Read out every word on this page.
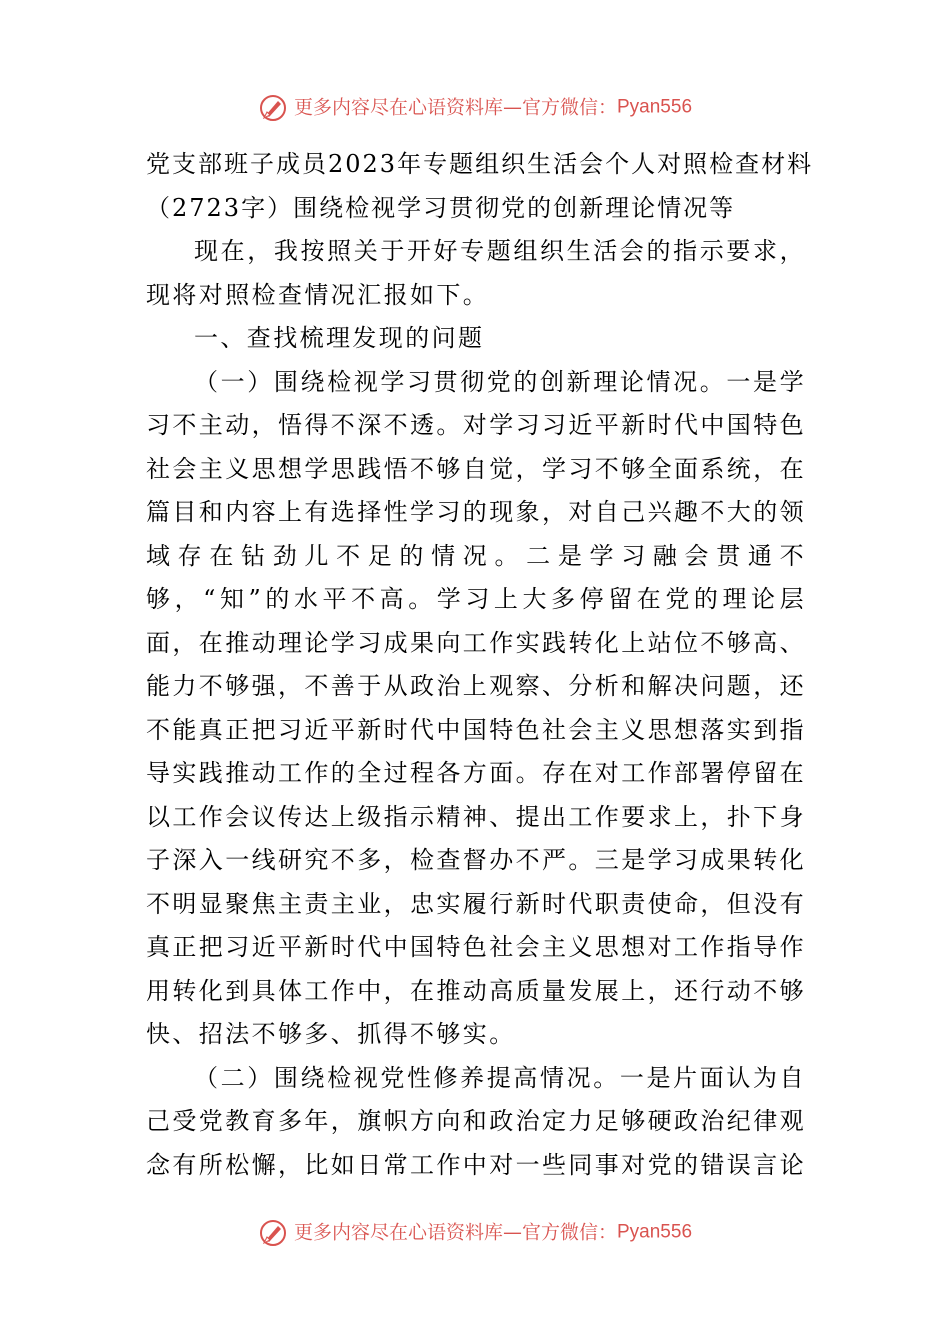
更多内容尽在心语资料库—官方微信：Pyan556
党支部班子成员2023年专题组织生活会个人对照检查材料
（2723字）围绕检视学习贯彻党的创新理论情况等

现在，我按照关于开好专题组织生活会的指示要求，现将对照检查情况汇报如下。

一、查找梳理发现的问题

（一）围绕检视学习贯彻党的创新理论情况。一是学习不主动，悟得不深不透。对学习习近平新时代中国特色社会主义思想学思践悟不够自觉，学习不够全面系统，在篇目和内容上有选择性学习的现象，对自己兴趣不大的领域存在钻劲儿不足的情况。二是学习融会贯通不够，“知”的水平不高。学习上大多停留在党的理论层面，在推动理论学习成果向工作实践转化上站位不够高、能力不够强，不善于从政治上观察、分析和解决问题，还不能真正把习近平新时代中国特色社会主义思想落实到指导实践推动工作的全过程各方面。存在对工作部署停留在以工作会议传达上级指示精神、提出工作要求上，扑下身子深入一线研究不多，检查督办不严。三是学习成果转化不明显聚焦主责主业，忠实履行新时代职责使命，但没有真正把习近平新时代中国特色社会主义思想对工作指导作用转化到具体工作中，在推动高质量发展上，还行动不够快、招法不够多、抓得不够实。

（二）围绕检视党性修养提高情况。一是片面认为自己受党教育多年，旗帜方向和政治定力足够硬政治纪律观念有所松懈，比如日常工作中对一些同事对党的错误言论

更多内容尽在心语资料库—官方微信：Pyan556
